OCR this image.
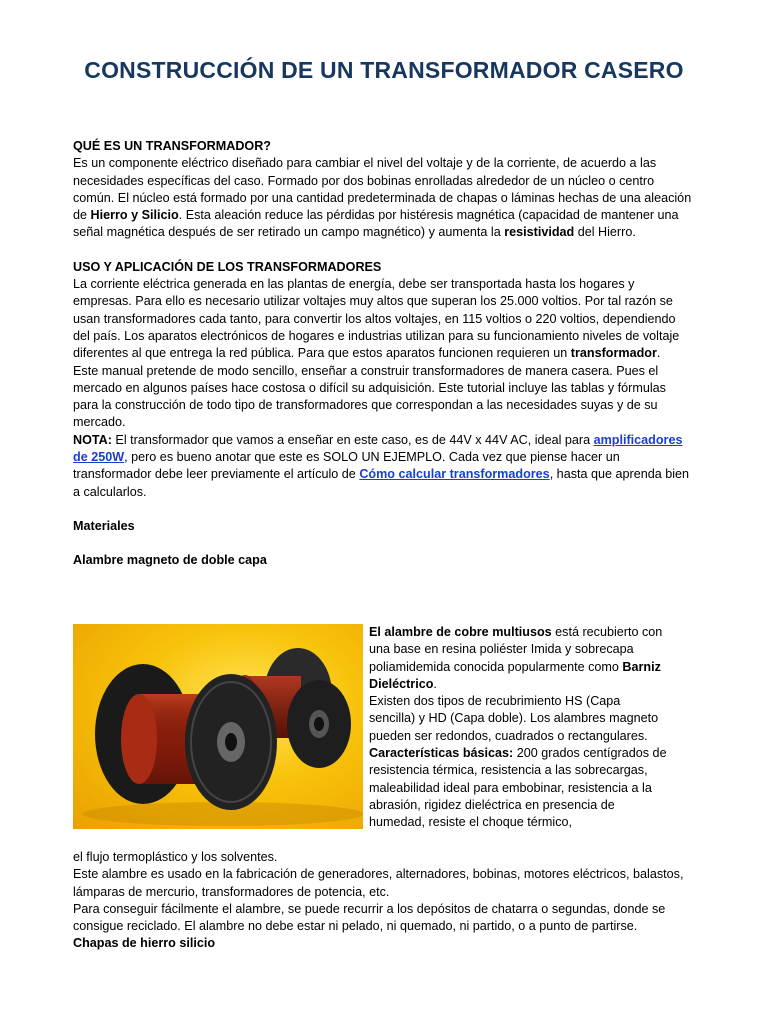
CONSTRUCCIÓN DE UN TRANSFORMADOR CASERO

QUÉ ES UN TRANSFORMADOR?

Es un componente eléctrico diseñado para cambiar el nivel del voltaje y de la corriente, de acuerdo a las necesidades específicas del caso. Formado por dos bobinas enrolladas alrededor de un núcleo o centro común. El núcleo está formado por una cantidad predeterminada de chapas o láminas hechas de una aleación de Hierro y Silicio. Esta aleación reduce las pérdidas por histéresis magnética (capacidad de mantener una señal magnética después de ser retirado un campo magnético) y aumenta la resistividad del Hierro.

USO Y APLICACIÓN DE LOS TRANSFORMADORES

La corriente eléctrica generada en las plantas de energía, debe ser transportada hasta los hogares y empresas. Para ello es necesario utilizar voltajes muy altos que superan los 25.000 voltios. Por tal razón se usan transformadores cada tanto, para convertir los altos voltajes, en 115 voltios o 220 voltios, dependiendo del país. Los aparatos electrónicos de hogares e industrias utilizan para su funcionamiento niveles de voltaje diferentes al que entrega la red pública. Para que estos aparatos funcionen requieren un transformador.

Este manual pretende de modo sencillo, enseñar a construir transformadores de manera casera. Pues el mercado en algunos países hace costosa o difícil su adquisición. Este tutorial incluye las tablas y fórmulas para la construcción de todo tipo de transformadores que correspondan a las necesidades suyas y de su mercado.

NOTA: El transformador que vamos a enseñar en este caso, es de 44V x 44V AC, ideal para amplificadores de 250W, pero es bueno anotar que este es SOLO UN EJEMPLO. Cada vez que piense hacer un transformador debe leer previamente el artículo de Cómo calcular transformadores, hasta que aprenda bien a calcularlos.

Materiales

Alambre magneto de doble capa

El alambre de cobre multiusos está recubierto con una base en resina poliéster Imida y sobrecapa poliamidemida conocida popularmente como Barniz Dieléctrico.
Existen dos tipos de recubrimiento HS (Capa sencilla) y HD (Capa doble). Los alambres magneto pueden ser redondos, cuadrados o rectangulares.
Características básicas: 200 grados centígrados de resistencia térmica, resistencia a las sobrecargas, maleabilidad ideal para embobinar, resistencia a la abrasión, rigidez dieléctrica en presencia de humedad, resiste el choque térmico,

el flujo termoplástico y los solventes.

Este alambre es usado en la fabricación de generadores, alternadores, bobinas, motores eléctricos, balastos, lámparas de mercurio, transformadores de potencia, etc.

Para conseguir fácilmente el alambre, se puede recurrir a los depósitos de chatarra o segundas, donde se consigue reciclado. El alambre no debe estar ni pelado, ni quemado, ni partido, o a punto de partirse.

Chapas de hierro silicio
